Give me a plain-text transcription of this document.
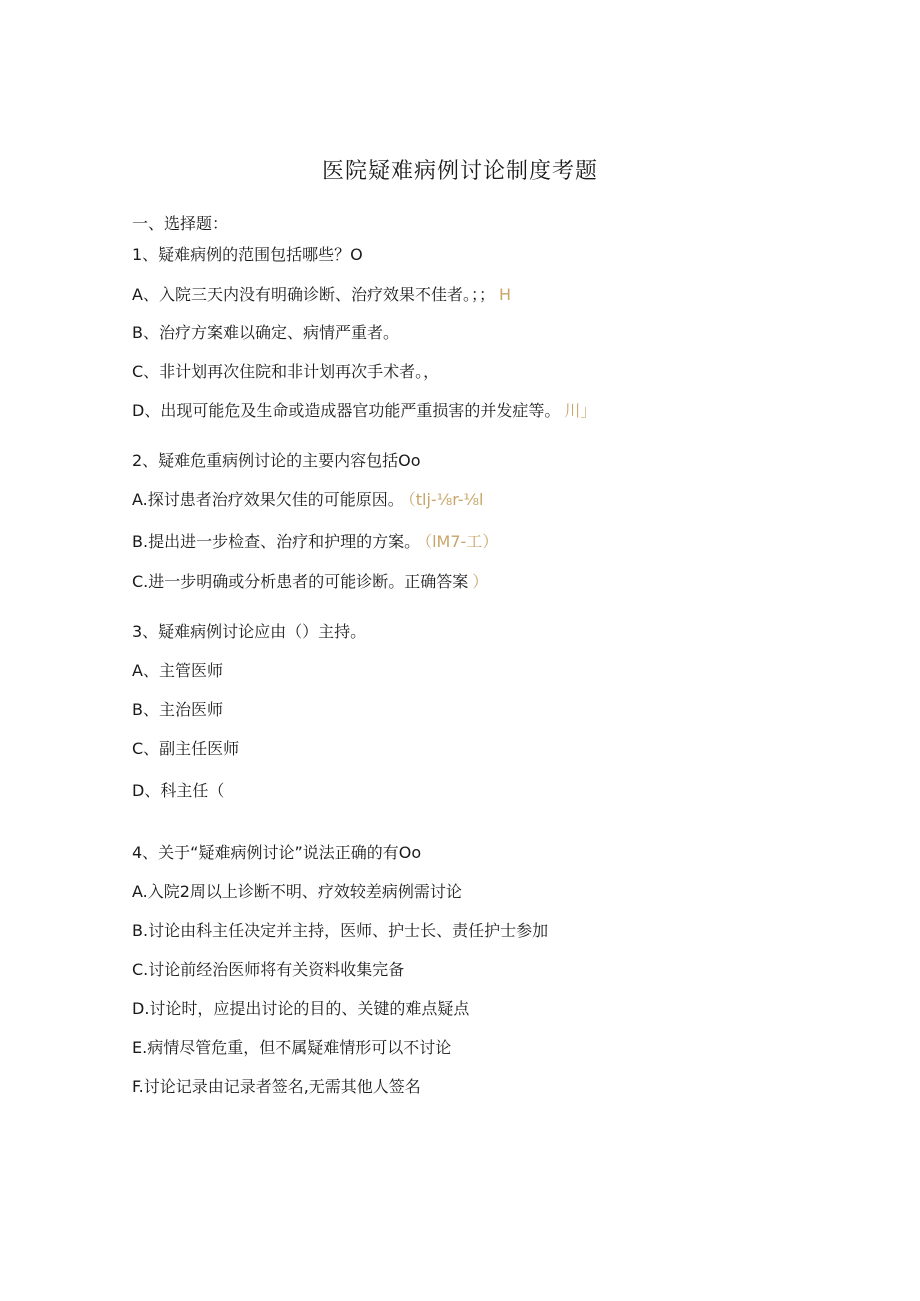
医院疑难病例讨论制度考题
一、选择题：
1、疑难病例的范围包括哪些？O
A、入院三天内没有明确诊断、治疗效果不佳者。；； H
B、治疗方案难以确定、病情严重者。
C、非计划再次住院和非计划再次手术者。，
D、出现可能危及生命或造成器官功能严重损害的并发症等。 川」
2、疑难危重病例讨论的主要内容包括Oo
A.探讨患者治疗效果欠佳的可能原因。 （tlj-⅛r-⅛l
B.提出进一步检查、治疗和护理的方案。 （lM7-工）
C.进一步明确或分析患者的可能诊断。正确答案 ）
3、疑难病例讨论应由（）主持。
A、主管医师
B、主治医师
C、副主任医师
D、科主任（
4、关于“疑难病例讨论”说法正确的有Oo
A.入院2周以上诊断不明、疗效较差病例需讨论
B.讨论由科主任决定并主持，医师、护士长、责任护士参加
C.讨论前经治医师将有关资料收集完备
D.讨论时，应提出讨论的目的、关键的难点疑点
E.病情尽管危重，但不属疑难情形可以不讨论
F.讨论记录由记录者签名,无需其他人签名
